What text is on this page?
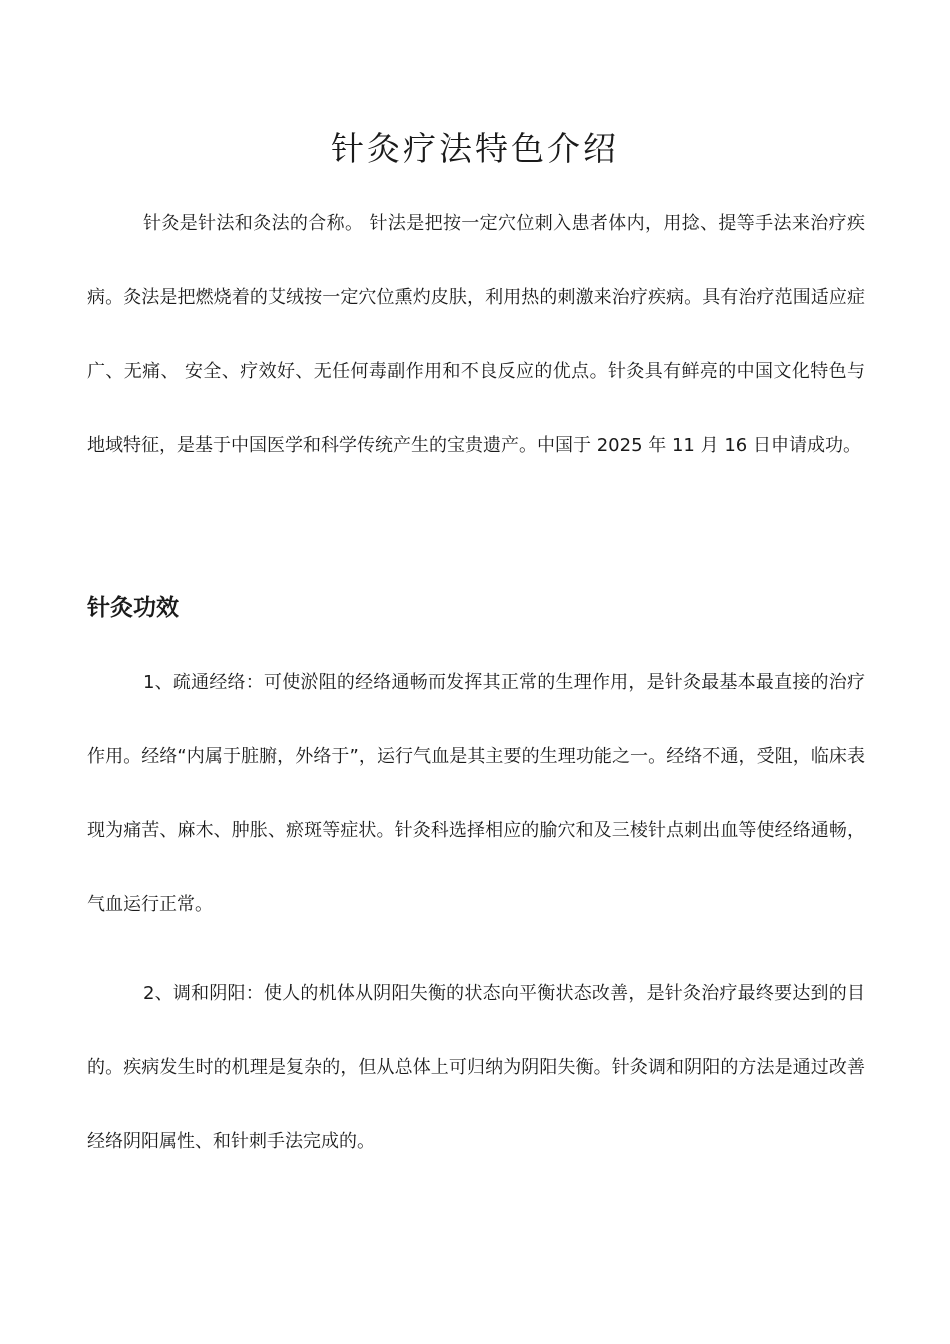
针灸疗法特色介绍

针灸是针法和灸法的合称。 针法是把按一定穴位刺入患者体内，用捻、提等手法来治疗疾病。灸法是把燃烧着的艾绒按一定穴位熏灼皮肤，利用热的刺激来治疗疾病。具有治疗范围适应症广、无痛、 安全、疗效好、无任何毒副作用和不良反应的优点。针灸具有鲜亮的中国文化特色与地域特征，是基于中国医学和科学传统产生的宝贵遗产。中国于 2025 年 11 月 16 日申请成功。

针灸功效

1、疏通经络：可使淤阻的经络通畅而发挥其正常的生理作用，是针灸最基本最直接的治疗作用。经络“内属于脏腑，外络于”，运行气血是其主要的生理功能之一。经络不通，受阻，临床表现为痛苦、麻木、肿胀、瘀斑等症状。针灸科选择相应的腧穴和及三棱针点刺出血等使经络通畅，气血运行正常。

2、调和阴阳：使人的机体从阴阳失衡的状态向平衡状态改善，是针灸治疗最终要达到的目的。疾病发生时的机理是复杂的，但从总体上可归纳为阴阳失衡。针灸调和阴阳的方法是通过改善经络阴阳属性、和针刺手法完成的。
